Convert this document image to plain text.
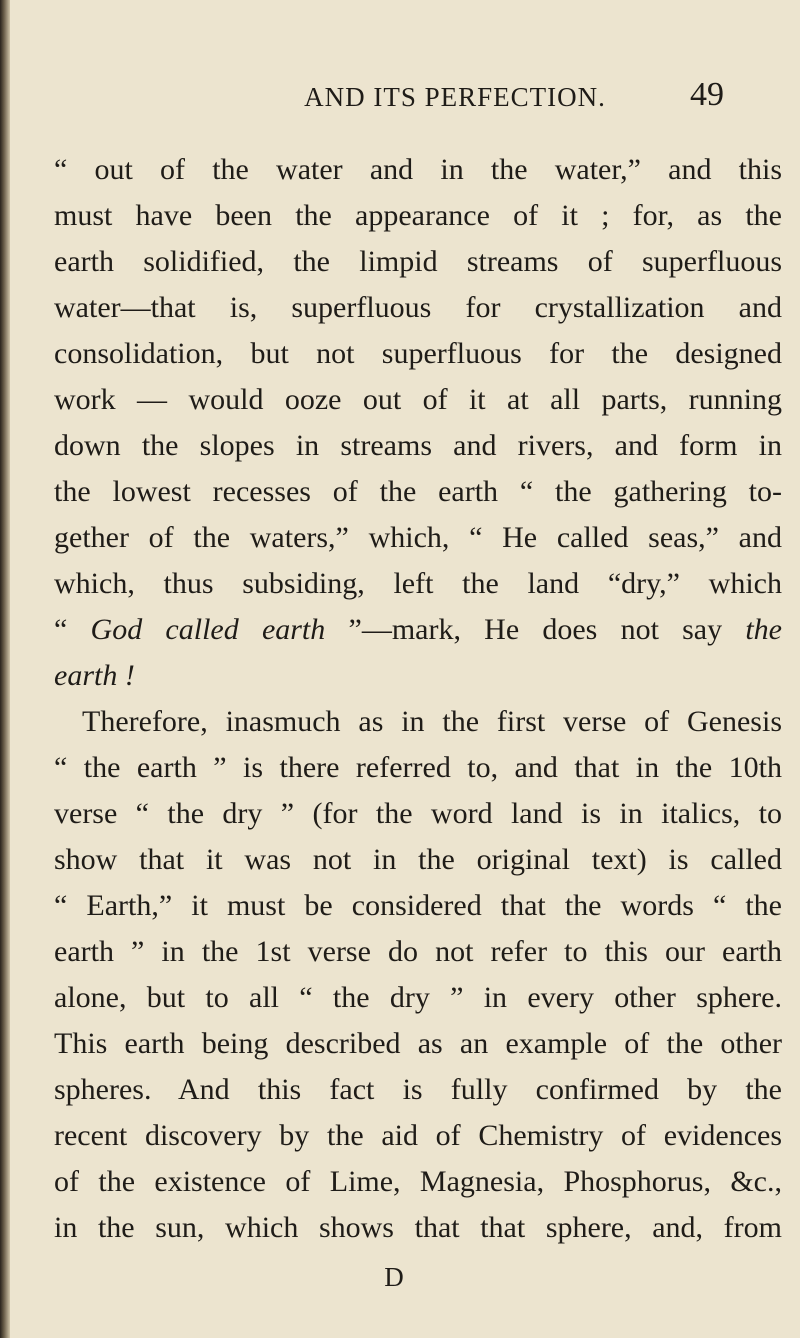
AND ITS PERFECTION.	49
“ out of the water and in the water,” and this
must have been the appearance of it ; for, as the
earth solidified, the limpid streams of superfluous
water—that is, superfluous for crystallization and
consolidation, but not superfluous for the designed
work — would ooze out of it at all parts, running
down the slopes in streams and rivers, and form in
the lowest recesses of the earth “ the gathering to-
gether of the waters,” which, “ He called seas,” and
which, thus subsiding, left the land “dry,” which
“ God called earth ”—mark, He does not say the
earth !
Therefore, inasmuch as in the first verse of Genesis
“ the earth ” is there referred to, and that in the 10th
verse “ the dry ” (for the word land is in italics, to
show that it was not in the original text) is called
“ Earth,” it must be considered that the words “ the
earth ” in the 1st verse do not refer to this our earth
alone, but to all “ the dry ” in every other sphere.
This earth being described as an example of the other
spheres. And this fact is fully confirmed by the
recent discovery by the aid of Chemistry of evidences
of the existence of Lime, Magnesia, Phosphorus, &c.,
in the sun, which shows that that sphere, and, from
D
